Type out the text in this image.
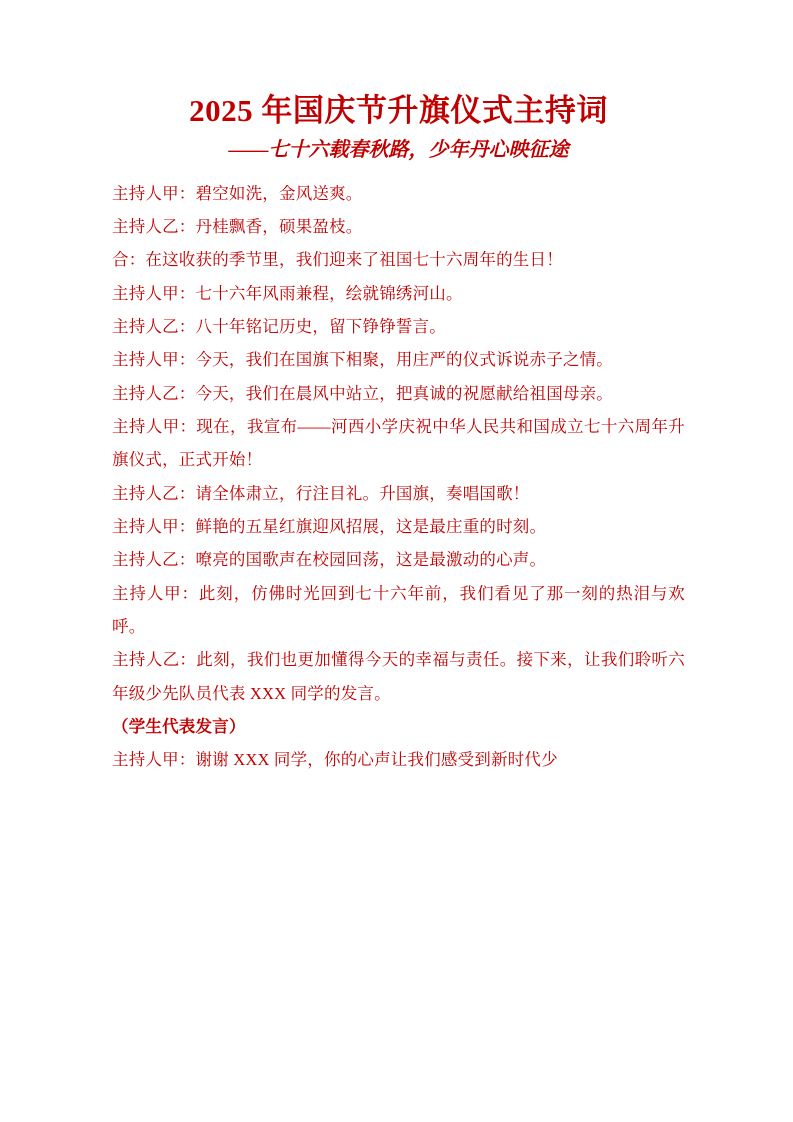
2025 年国庆节升旗仪式主持词
——七十六载春秋路，少年丹心映征途

主持人甲：碧空如洗，金风送爽。

主持人乙：丹桂飘香，硕果盈枝。

合：在这收获的季节里，我们迎来了祖国七十六周年的生日！

主持人甲：七十六年风雨兼程，绘就锦绣河山。

主持人乙：八十年铭记历史，留下铮铮誓言。

主持人甲：今天，我们在国旗下相聚，用庄严的仪式诉说赤子之情。

主持人乙：今天，我们在晨风中站立，把真诚的祝愿献给祖国母亲。

主持人甲：现在，我宣布——河西小学庆祝中华人民共和国成立七十六周年升旗仪式，正式开始！

主持人乙：请全体肃立，行注目礼。升国旗，奏唱国歌！

主持人甲：鲜艳的五星红旗迎风招展，这是最庄重的时刻。

主持人乙：嘹亮的国歌声在校园回荡，这是最激动的心声。

主持人甲：此刻，仿佛时光回到七十六年前，我们看见了那一刻的热泪与欢呼。

主持人乙：此刻，我们也更加懂得今天的幸福与责任。接下来，让我们聆听六年级少先队员代表 XXX 同学的发言。

（学生代表发言）

主持人甲：谢谢 XXX 同学，你的心声让我们感受到新时代少
